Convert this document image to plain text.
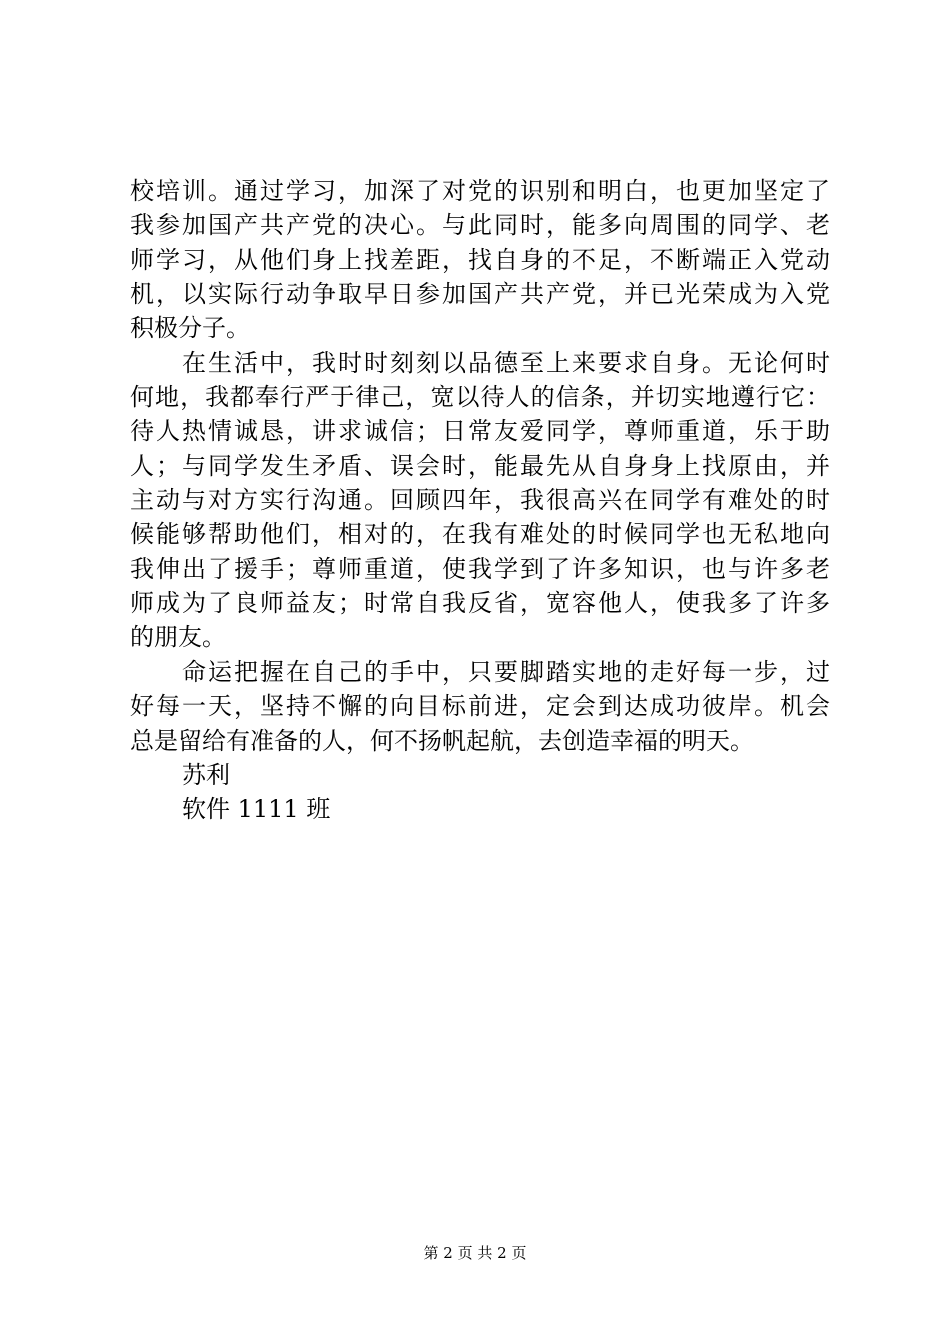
校培训。通过学习，加深了对党的识别和明白，也更加坚定了
我参加国产共产党的决心。与此同时，能多向周围的同学、老
师学习，从他们身上找差距，找自身的不足，不断端正入党动
机，以实际行动争取早日参加国产共产党，并已光荣成为入党
积极分子。
在生活中，我时时刻刻以品德至上来要求自身。无论何时
何地，我都奉行严于律己，宽以待人的信条，并切实地遵行它：
待人热情诚恳，讲求诚信；日常友爱同学，尊师重道，乐于助
人；与同学发生矛盾、误会时，能最先从自身身上找原由，并
主动与对方实行沟通。回顾四年，我很高兴在同学有难处的时
候能够帮助他们，相对的，在我有难处的时候同学也无私地向
我伸出了援手；尊师重道，使我学到了许多知识，也与许多老
师成为了良师益友；时常自我反省，宽容他人，使我多了许多
的朋友。
命运把握在自己的手中，只要脚踏实地的走好每一步，过
好每一天，坚持不懈的向目标前进，定会到达成功彼岸。机会
总是留给有准备的人，何不扬帆起航，去创造幸福的明天。
苏利
软件 1111 班
第 2 页 共 2 页
